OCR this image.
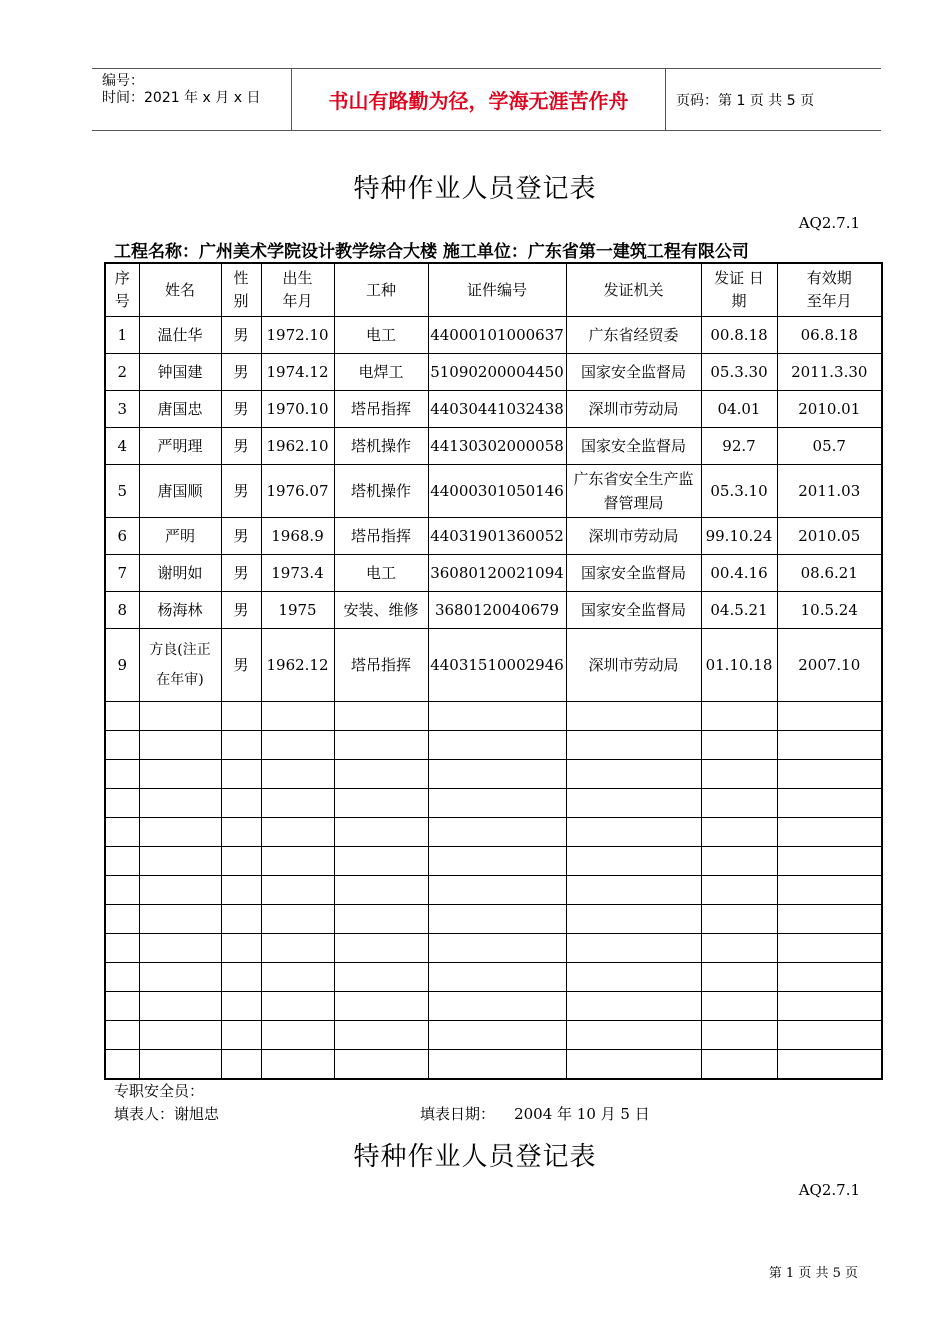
编号：
时间：2021 年 x 月 x 日	书山有路勤为径，学海无涯苦作舟	页码：第 1 页 共 5 页
特种作业人员登记表
AQ2.7.1
工程名称：广州美术学院设计教学综合大楼 施工单位：广东省第一建筑工程有限公司
序号	姓名	性别	出生年月	工种	证件编号	发证机关	发证 日期	有效期至年月
1	温仕华	男	1972.10	电工	44000101000637	广东省经贸委	00.8.18	06.8.18
2	钟国建	男	1974.12	电焊工	51090200004450	国家安全监督局	05.3.30	2011.3.30
3	唐国忠	男	1970.10	塔吊指挥	44030441032438	深圳市劳动局	04.01	2010.01
4	严明理	男	1962.10	塔机操作	44130302000058	国家安全监督局	92.7	05.7
5	唐国顺	男	1976.07	塔机操作	44000301050146	广东省安全生产监督管理局	05.3.10	2011.03
6	严明	男	1968.9	塔吊指挥	44031901360052	深圳市劳动局	99.10.24	2010.05
7	谢明如	男	1973.4	电工	36080120021094	国家安全监督局	00.4.16	08.6.21
8	杨海林	男	1975	安装、维修	3680120040679	国家安全监督局	04.5.21	10.5.24
9	方良(注正在年审)	男	1962.12	塔吊指挥	44031510002946	深圳市劳动局	01.10.18	2007.10

专职安全员：
填表人：谢旭忠	填表日期：    2004 年 10 月 5 日
特种作业人员登记表
AQ2.7.1
第 1 页 共 5 页
